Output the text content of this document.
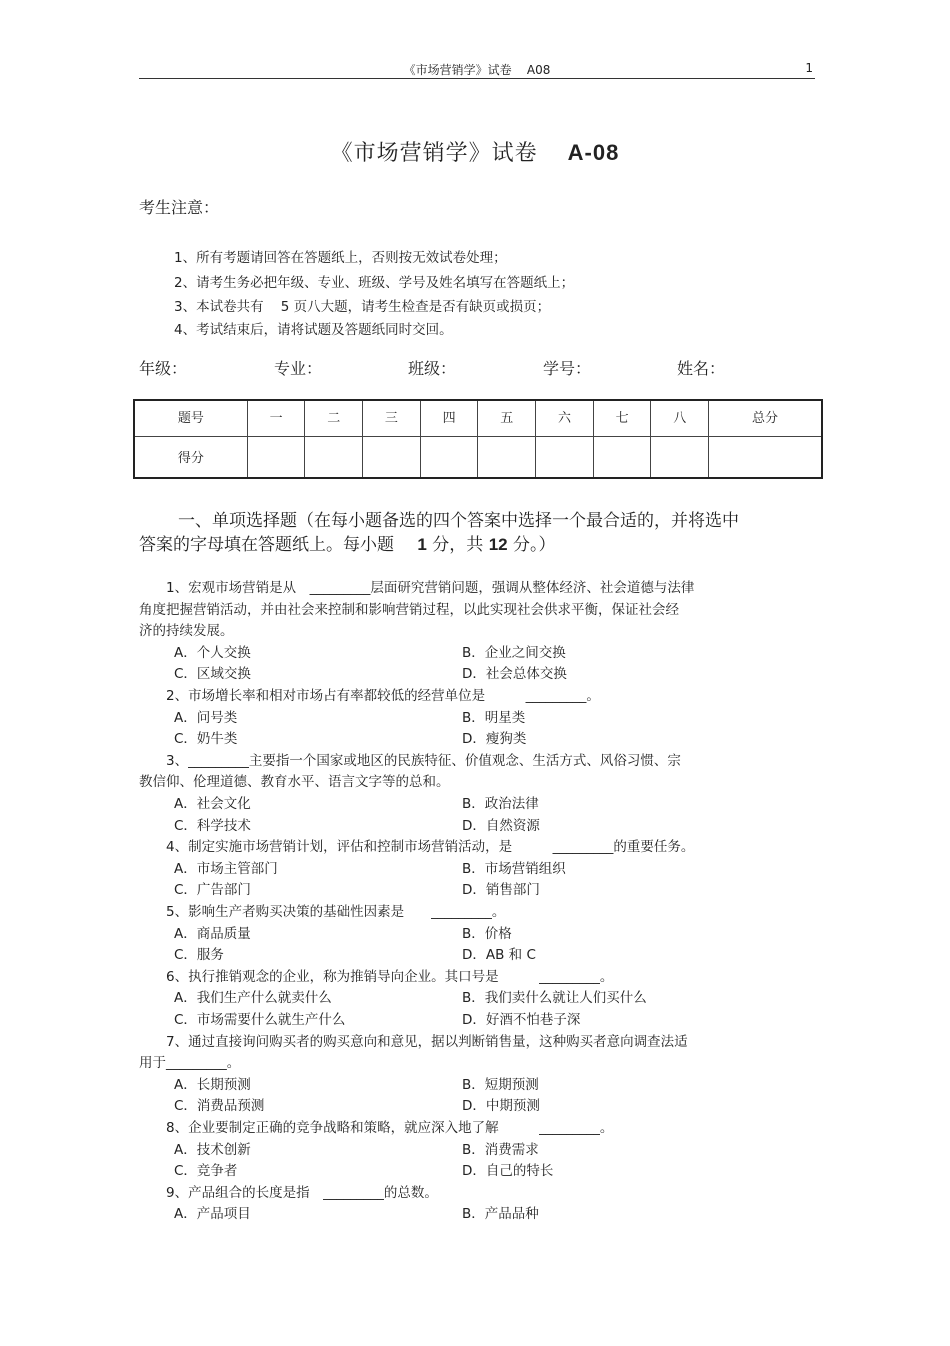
《市场营销学》试卷    A08	1
《市场营销学》试卷 A-08
考生注意：
1、所有考题请回答在答题纸上，否则按无效试卷处理；
2、请考生务必把年级、专业、班级、学号及姓名填写在答题纸上；
3、本试卷共有    5 页八大题，请考生检查是否有缺页或损页；
4、考试结束后，请将试题及答题纸同时交回。
年级：	专业：	班级：	学号：	姓名：
题号	一	二	三	四	五	六	七	八	总分
得分									
一、单项选择题（在每小题备选的四个答案中选择一个最合适的，并将选中
答案的字母填在答题纸上。每小题 1 分，共 12 分。）
　　1、宏观市场营销是从　_________层面研究营销问题，强调从整体经济、社会道德与法律
角度把握营销活动，并由社会来控制和影响营销过程，以此实现社会供求平衡，保证社会经
济的持续发展。
A．个人交换	B．企业之间交换
C．区域交换	D．社会总体交换
　　2、市场增长率和相对市场占有率都较低的经营单位是　　　_________。
A．问号类	B．明星类
C．奶牛类	D．瘦狗类
　　3、_________主要指一个国家或地区的民族特征、价值观念、生活方式、风俗习惯、宗
教信仰、伦理道德、教育水平、语言文字等的总和。
A．社会文化	B．政治法律
C．科学技术	D．自然资源
　　4、制定实施市场营销计划，评估和控制市场营销活动，是　　　_________的重要任务。
A．市场主管部门	B．市场营销组织
C．广告部门	D．销售部门
　　5、影响生产者购买决策的基础性因素是　　_________。
A．商品质量	B．价格
C．服务	D．AB 和 C
　　6、执行推销观念的企业，称为推销导向企业。其口号是　　　_________。
A．我们生产什么就卖什么	B．我们卖什么就让人们买什么
C．市场需要什么就生产什么	D．好酒不怕巷子深
　　7、通过直接询问购买者的购买意向和意见，据以判断销售量，这种购买者意向调查法适
用于_________。
A．长期预测	B．短期预测
C．消费品预测	D．中期预测
　　8、企业要制定正确的竞争战略和策略，就应深入地了解　　　_________。
A．技术创新	B．消费需求
C．竞争者	D．自己的特长
　　9、产品组合的长度是指　_________的总数。
A．产品项目	B．产品品种
